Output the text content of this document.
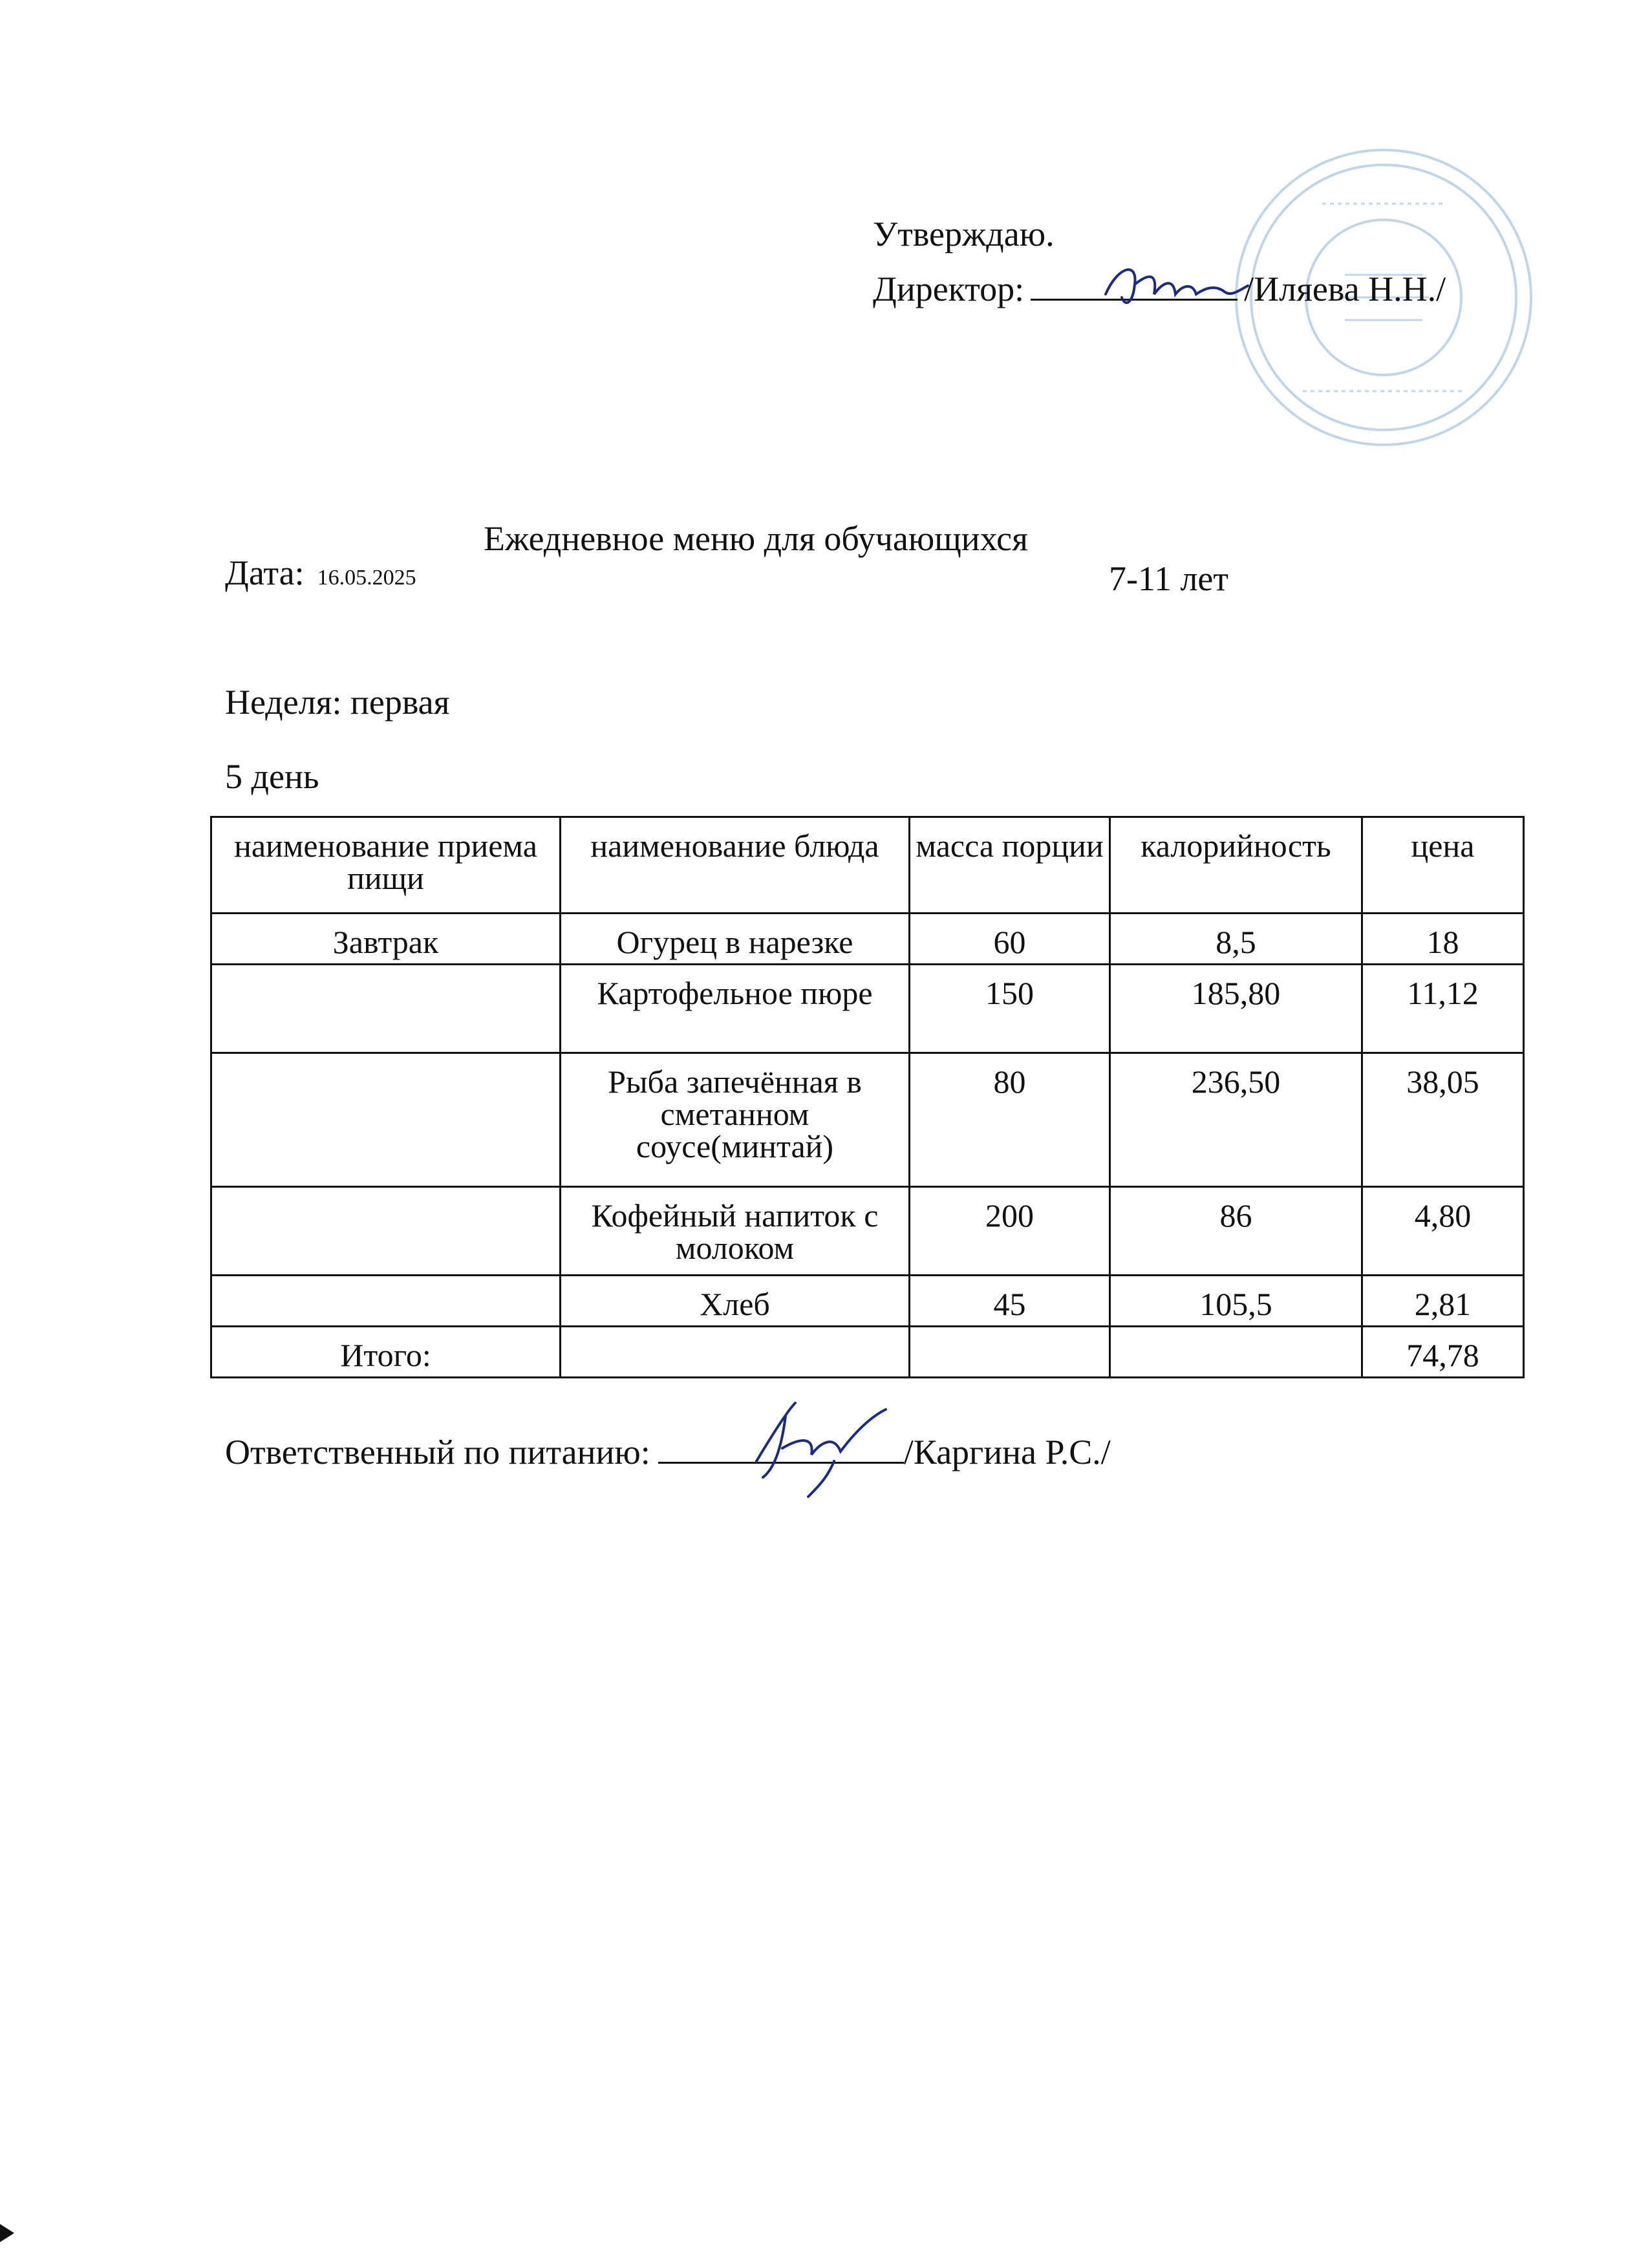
Утверждаю.
Директор:	/Иляева Н.Н./

Ежедневное меню для обучающихся

7-11 лет

Дата: 16.05.2025
Неделя: первая
5 день
наименование приема пищи	наименование блюда	масса порции	калорийность	цена
Завтрак	Огурец в нарезке	60	8,5	18
	Картофельное пюре	150	185,80	11,12
	Рыба запечённая в сметанном соусе(минтай)	80	236,50	38,05
	Кофейный напиток с молоком	200	86	4,80
	Хлеб	45	105,5	2,81
Итого:				74,78
Ответственный по питанию:	/Каргина Р.С./
